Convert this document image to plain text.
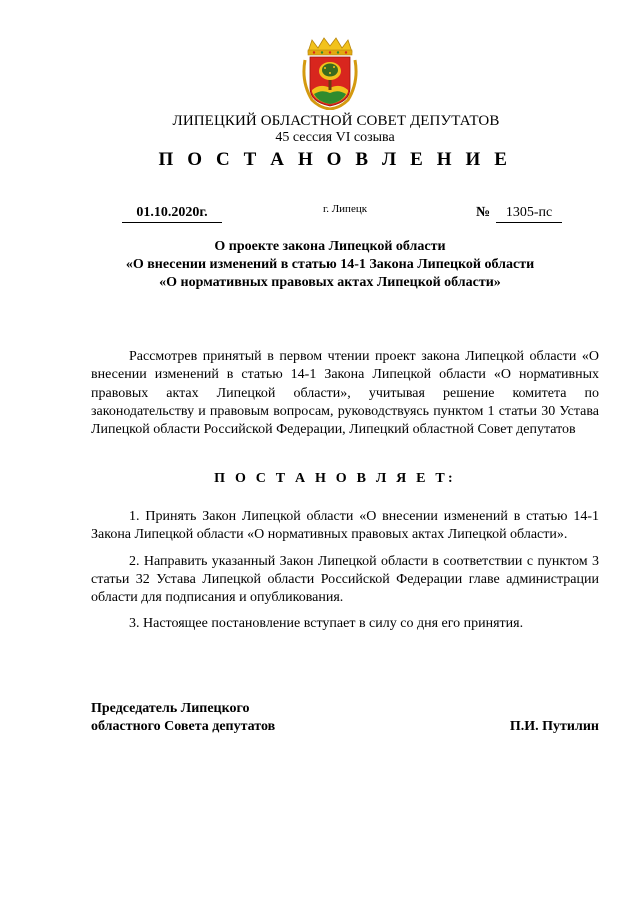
ЛИПЕЦКИЙ ОБЛАСТНОЙ СОВЕТ ДЕПУТАТОВ
45 сессия VI созыва
П О С Т А Н О В Л Е Н И Е
01.10.2020г.	г. Липецк	№	1305-пс
О проекте закона Липецкой области
«О внесении изменений в статью 14-1 Закона Липецкой области
«О нормативных правовых актах Липецкой области»
Рассмотрев принятый в первом чтении проект закона Липецкой области «О внесении изменений в статью 14-1 Закона Липецкой области «О нормативных правовых актах Липецкой области», учитывая решение комитета по законодательству и правовым вопросам, руководствуясь пунктом 1 статьи 30 Устава Липецкой области Российской Федерации, Липецкий областной Совет депутатов
П О С Т А Н О В Л Я Е Т:
1. Принять Закон Липецкой области «О внесении изменений в статью 14-1 Закона Липецкой области «О нормативных правовых актах Липецкой области».
2. Направить указанный Закон Липецкой области в соответствии с пунктом 3 статьи 32 Устава Липецкой области Российской Федерации главе администрации области для подписания и опубликования.
3. Настоящее постановление вступает в силу со дня его принятия.
Председатель Липецкого
областного Совета депутатов	П.И. Путилин
